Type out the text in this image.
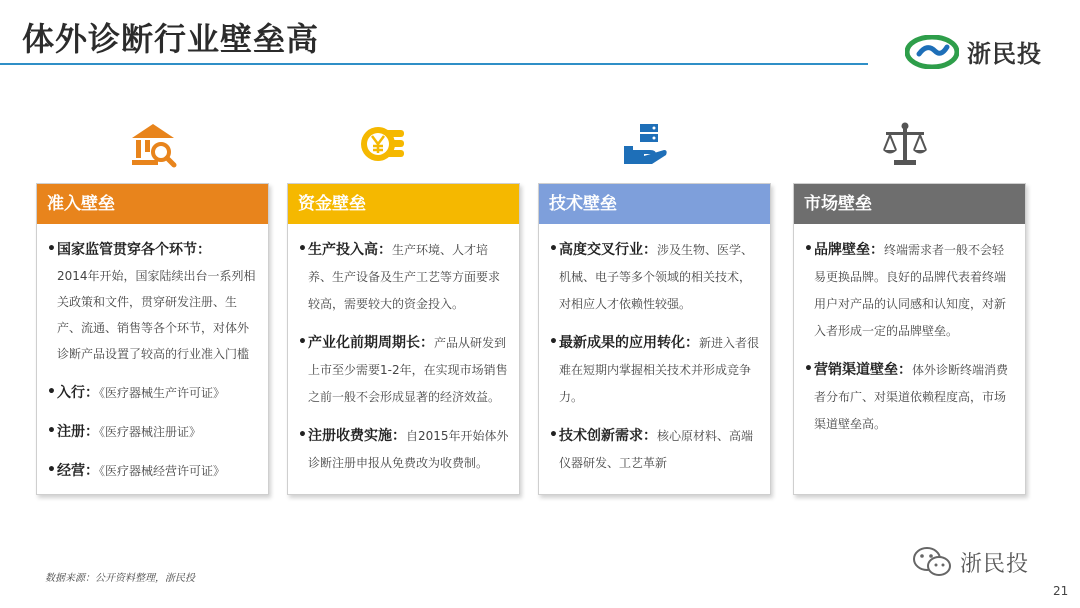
体外诊断行业壁垒高	浙民投
准入壁垒
• 国家监管贯穿各个环节：
2014年开始，国家陆续出台一系列相关政策和文件，贯穿研发注册、生产、流通、销售等各个环节，对体外诊断产品设置了较高的行业准入门槛
• 入行：《医疗器械生产许可证》
• 注册：《医疗器械注册证》
• 经营：《医疗器械经营许可证》
资金壁垒
• 生产投入高：生产环境、人才培养、生产设备及生产工艺等方面要求较高，需要较大的资金投入。
• 产业化前期周期长：产品从研发到上市至少需要1-2年，在实现市场销售之前一般不会形成显著的经济效益。
• 注册收费实施：自2015年开始体外诊断注册申报从免费改为收费制。
技术壁垒
• 高度交叉行业：涉及生物、医学、机械、电子等多个领域的相关技术，对相应人才依赖性较强。
• 最新成果的应用转化：新进入者很难在短期内掌握相关技术并形成竞争力。
• 技术创新需求：核心原材料、高端仪器研发、工艺革新
市场壁垒
• 品牌壁垒：终端需求者一般不会轻易更换品牌。良好的品牌代表着终端用户对产品的认同感和认知度，对新入者形成一定的品牌壁垒。
• 营销渠道壁垒：体外诊断终端消费者分布广、对渠道依赖程度高，市场渠道壁垒高。
数据来源：公开资料整理，浙民投
浙民投
21
